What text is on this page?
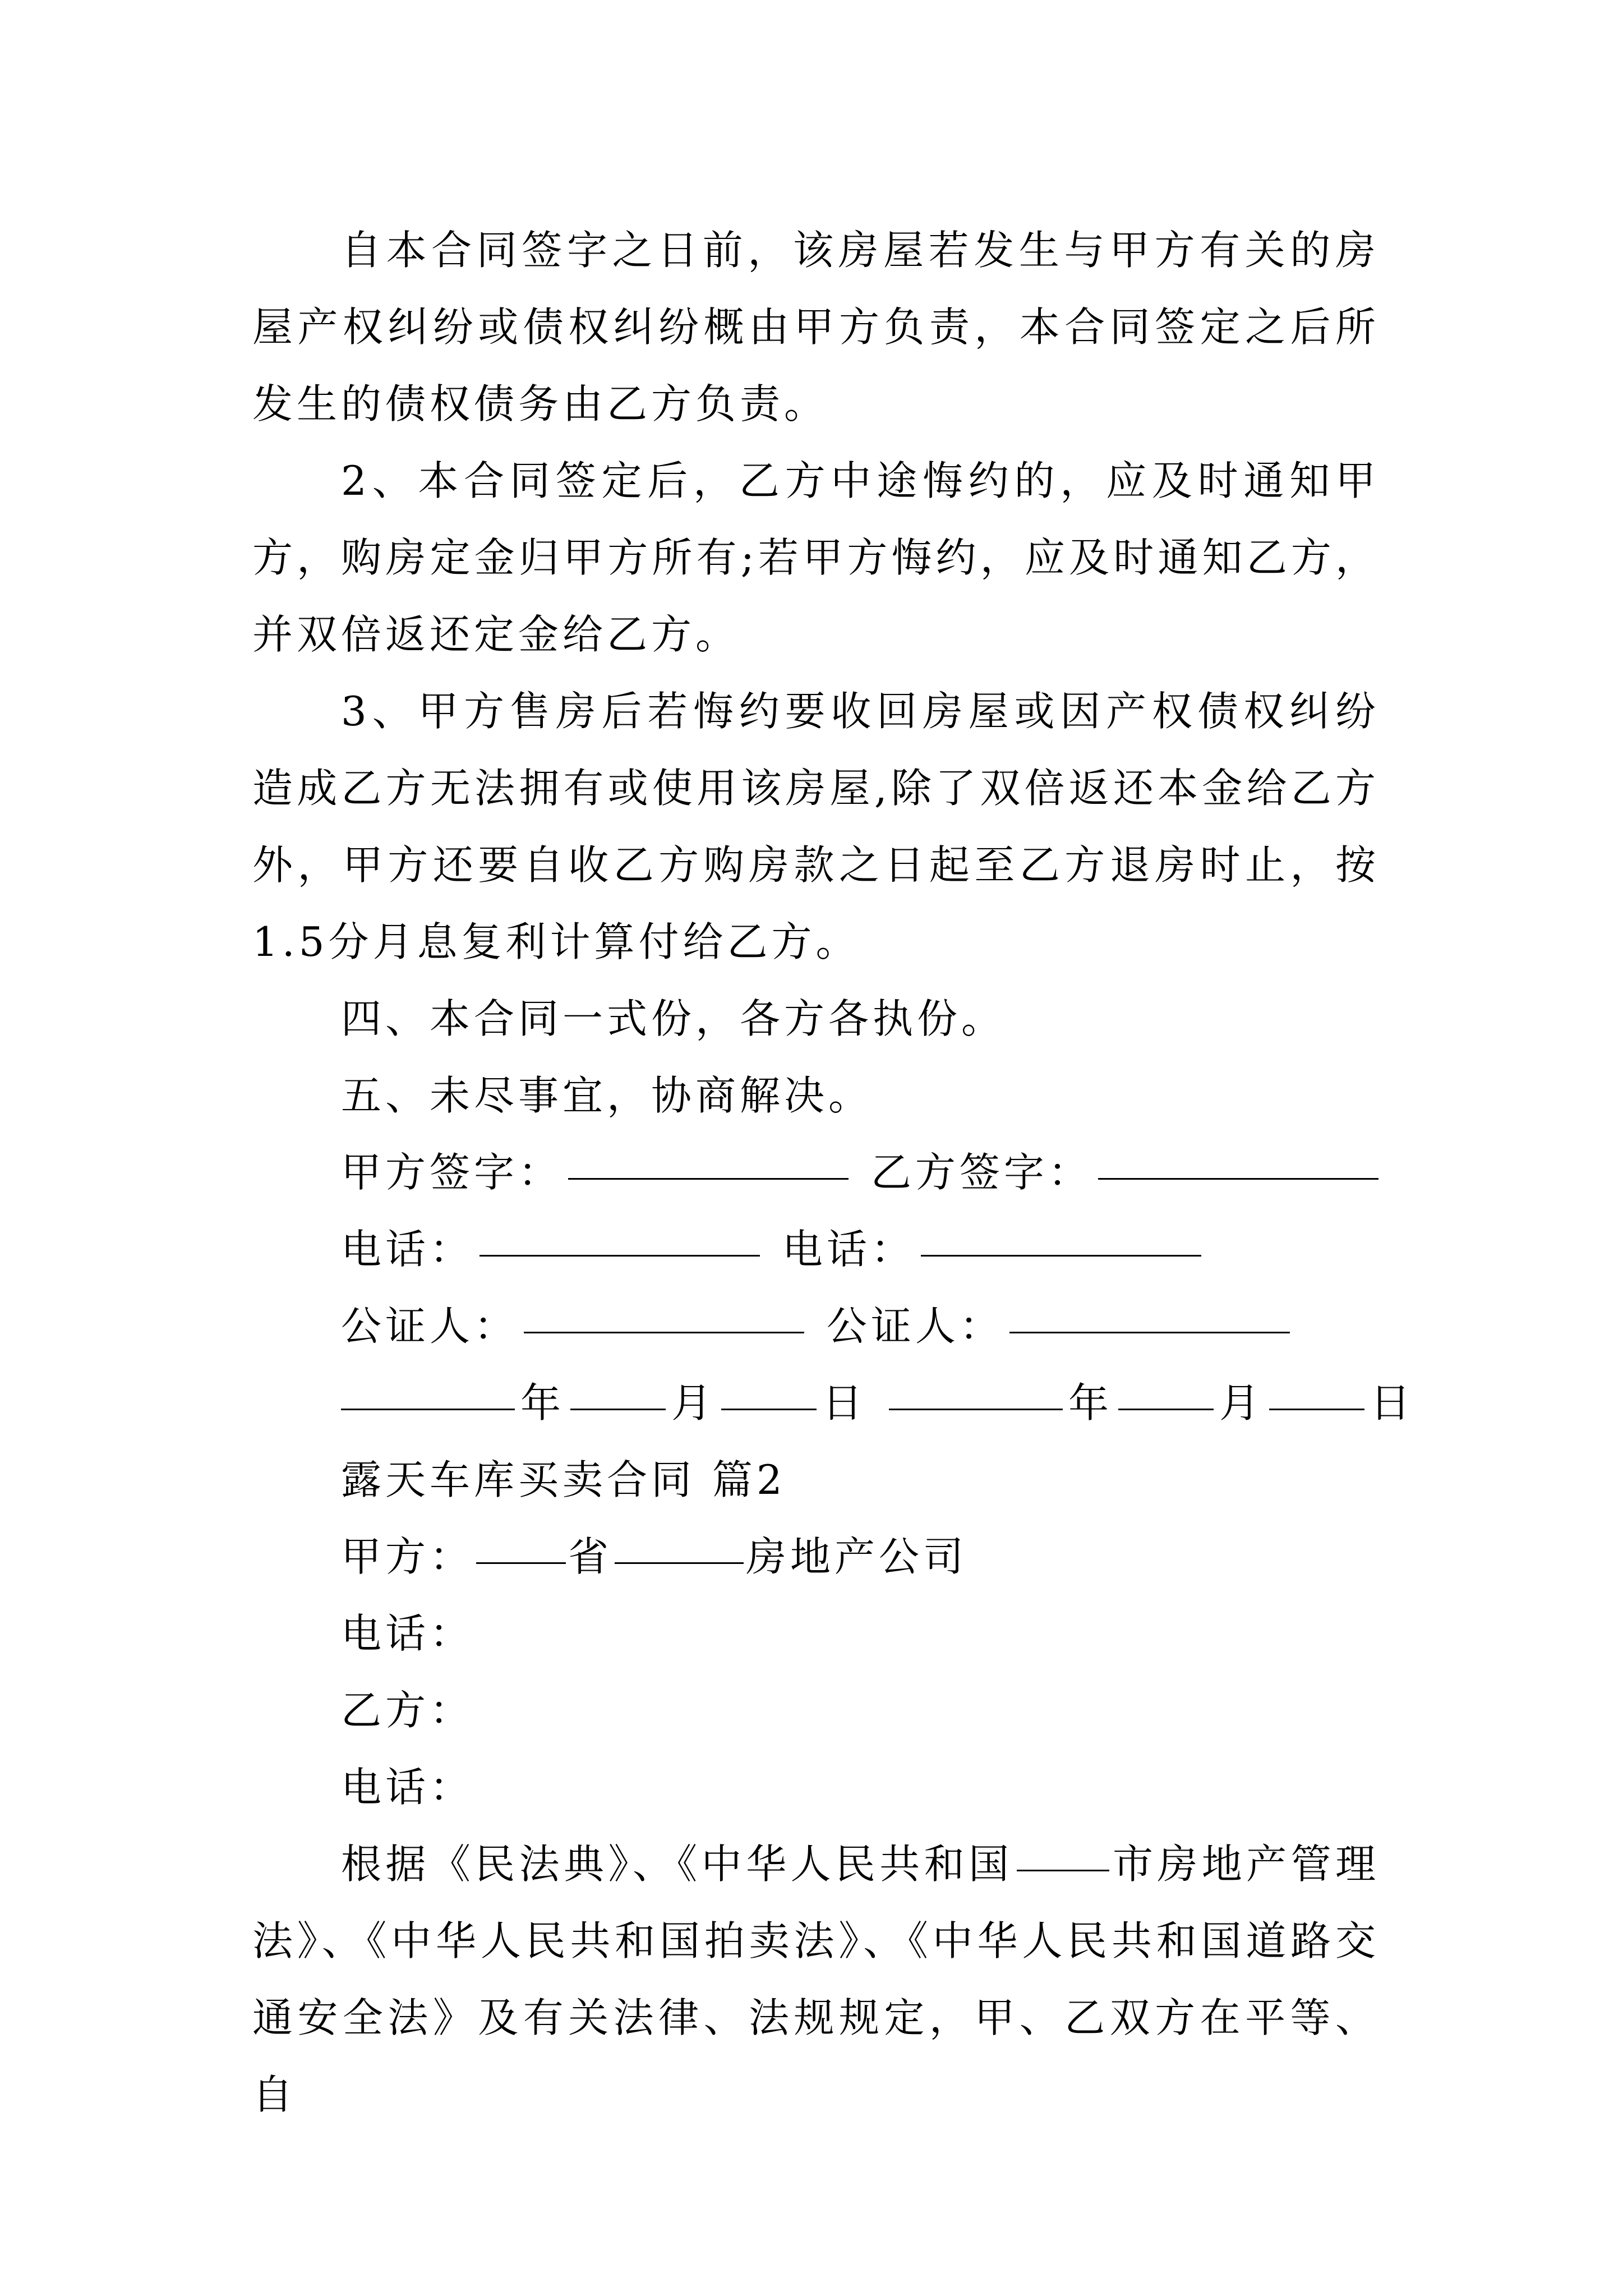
自本合同签字之日前，该房屋若发生与甲方有关的房屋产权纠纷或债权纠纷概由甲方负责，本合同签定之后所发生的债权债务由乙方负责。

2、本合同签定后，乙方中途悔约的，应及时通知甲方，购房定金归甲方所有;若甲方悔约，应及时通知乙方，并双倍返还定金给乙方。

3、甲方售房后若悔约要收回房屋或因产权债权纠纷造成乙方无法拥有或使用该房屋,除了双倍返还本金给乙方外，甲方还要自收乙方购房款之日起至乙方退房时止，按1.5分月息复利计算付给乙方。

四、本合同一式份，各方各执份。

五、未尽事宜，协商解决。

甲方签字：	乙方签字：
电话：	电话：
公证人：	公证人：
年	月	日	年	月	日
露天车库买卖合同 篇2
甲方： 省	房地产公司
电话：
乙方：
电话：

根据《民法典》、《中华人民共和国 市房地产管理法》、《中华人民共和国拍卖法》、《中华人民共和国道路交通安全法》及有关法律、法规规定，甲、乙双方在平等、自
